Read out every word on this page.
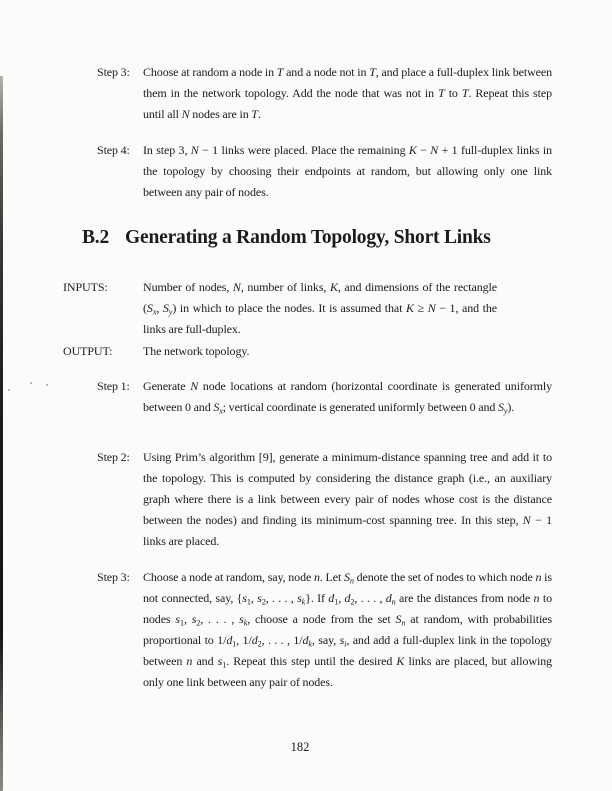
Step 3:	Choose at random a node in T and a node not in T, and place a full-duplex link between them in the network topology. Add the node that was not in T to T. Repeat this step until all N nodes are in T.
Step 4:	In step 3, N − 1 links were placed. Place the remaining K − N + 1 full-duplex links in the topology by choosing their endpoints at random, but allowing only one link between any pair of nodes.
B.2 Generating a Random Topology, Short Links
INPUTS:	Number of nodes, N, number of links, K, and dimensions of the rectangle ($S_x$, $S_y$) in which to place the nodes. It is assumed that K ≥ N − 1, and the links are full-duplex.
OUTPUT:	The network topology.
Step 1:	Generate N node locations at random (horizontal coordinate is generated uniformly between 0 and $S_x$; vertical coordinate is generated uniformly between 0 and $S_y$).
Step 2:	Using Prim’s algorithm [9], generate a minimum-distance spanning tree and add it to the topology. This is computed by considering the distance graph (i.e., an auxiliary graph where there is a link between every pair of nodes whose cost is the distance between the nodes) and finding its minimum-cost spanning tree. In this step, N − 1 links are placed.
Step 3:	Choose a node at random, say, node n. Let $S_n$ denote the set of nodes to which node n is not connected, say, {$s_1$, $s_2$, . . . , $s_k$}. If $d_1$, $d_2$, . . . , $d_n$ are the distances from node n to nodes $s_1$, $s_2$, . . . , $s_k$, choose a node from the set $S_n$ at random, with probabilities proportional to $1/d_1$, $1/d_2$, . . . , $1/d_k$, say, $s_i$, and add a full-duplex link in the topology between n and $s_1$. Repeat this step until the desired K links are placed, but allowing only one link between any pair of nodes.
182
